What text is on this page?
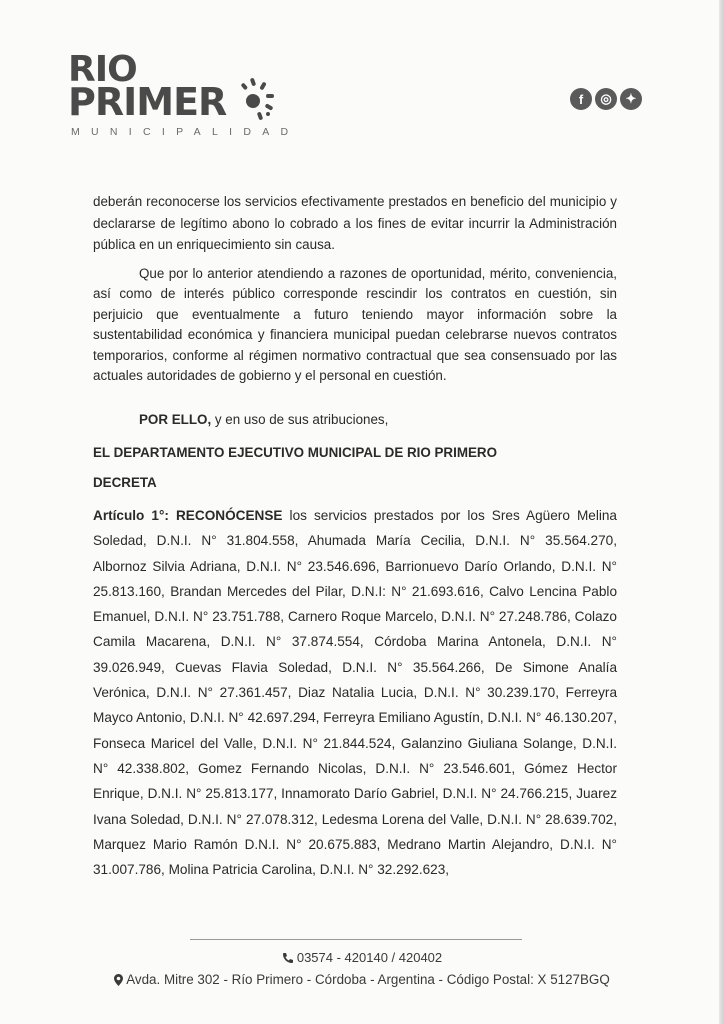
RIO
PRIMER
MUNICIPALIDAD
f	◎	✦

deberán reconocerse los servicios efectivamente prestados en beneficio del municipio y declararse de legítimo abono lo cobrado a los fines de evitar incurrir la Administración pública en un enriquecimiento sin causa.

Que por lo anterior atendiendo a razones de oportunidad, mérito, conveniencia, así como de interés público corresponde rescindir los contratos en cuestión, sin perjuicio que eventualmente a futuro teniendo mayor información sobre la sustentabilidad económica y financiera municipal puedan celebrarse nuevos contratos temporarios, conforme al régimen normativo contractual que sea consensuado por las actuales autoridades de gobierno y el personal en cuestión.

POR ELLO, y en uso de sus atribuciones,

EL DEPARTAMENTO EJECUTIVO MUNICIPAL DE RIO PRIMERO

DECRETA

Artículo 1°: RECONÓCENSE los servicios prestados por los Sres Agüero Melina Soledad, D.N.I. N° 31.804.558, Ahumada María Cecilia, D.N.I. N° 35.564.270, Albornoz Silvia Adriana, D.N.I. N° 23.546.696, Barrionuevo Darío Orlando, D.N.I. N° 25.813.160, Brandan Mercedes del Pilar, D.N.I: N° 21.693.616, Calvo Lencina Pablo Emanuel, D.N.I. N° 23.751.788, Carnero Roque Marcelo, D.N.I. N° 27.248.786, Colazo Camila Macarena, D.N.I. N° 37.874.554, Córdoba Marina Antonela, D.N.I. N° 39.026.949, Cuevas Flavia Soledad, D.N.I. N° 35.564.266, De Simone Analía Verónica, D.N.I. N° 27.361.457, Diaz Natalia Lucia, D.N.I. N° 30.239.170, Ferreyra Mayco Antonio, D.N.I. N° 42.697.294, Ferreyra Emiliano Agustín, D.N.I. N° 46.130.207, Fonseca Maricel del Valle, D.N.I. N° 21.844.524, Galanzino Giuliana Solange, D.N.I. N° 42.338.802, Gomez Fernando Nicolas, D.N.I. N° 23.546.601, Gómez Hector Enrique, D.N.I. N° 25.813.177, Innamorato Darío Gabriel, D.N.I. N° 24.766.215, Juarez Ivana Soledad, D.N.I. N° 27.078.312, Ledesma Lorena del Valle, D.N.I. N° 28.639.702, Marquez Mario Ramón D.N.I. N° 20.675.883, Medrano Martin Alejandro, D.N.I. N° 31.007.786, Molina Patricia Carolina, D.N.I. N° 32.292.623,

03574 - 420140 / 420402
Avda. Mitre 302 - Río Primero - Córdoba - Argentina - Código Postal: X 5127BGQ
